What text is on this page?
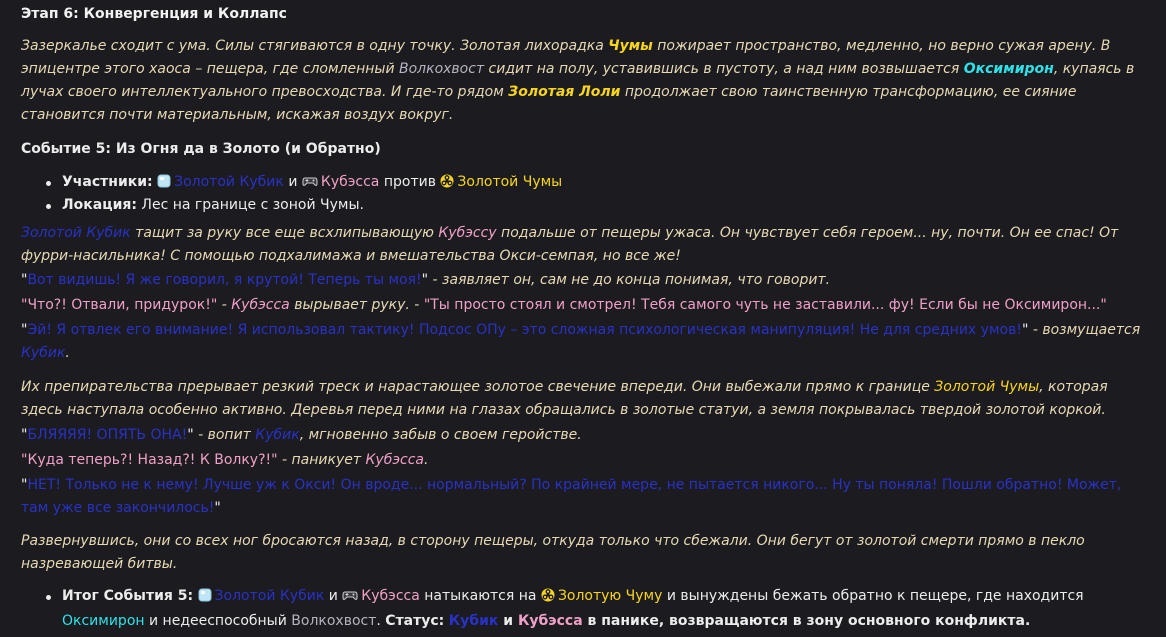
Этап 6: Конвергенция и Коллапс

Зазеркалье сходит с ума. Силы стягиваются в одну точку. Золотая лихорадка Чумы пожирает пространство, медленно, но верно сужая арену. В эпицентре этого хаоса – пещера, где сломленный Волкохвост сидит на полу, уставившись в пустоту, а над ним возвышается Оксимирон, купаясь в лучах своего интеллектуального превосходства. И где-то рядом Золотая Лоли продолжает свою таинственную трансформацию, ее сияние становится почти материальным, искажая воздух вокруг.

Событие 5: Из Огня да в Золото (и Обратно)

Участники: Золотой Кубик и Кубэсса против Золотой Чумы
Локация: Лес на границе с зоной Чумы.

Золотой Кубик тащит за руку все еще всхлипывающую Кубэссу подальше от пещеры ужаса. Он чувствует себя героем... ну, почти. Он ее спас! От фурри-насильника! С помощью подхалимажа и вмешательства Окси-семпая, но все же!

"Вот видишь! Я же говорил, я крутой! Теперь ты моя!" - заявляет он, сам не до конца понимая, что говорит.

"Что?! Отвали, придурок!" - Кубэсса вырывает руку. - "Ты просто стоял и смотрел! Тебя самого чуть не заставили... фу! Если бы не Оксимирон..."

"Эй! Я отвлек его внимание! Я использовал тактику! Подсос ОПу – это сложная психологическая манипуляция! Не для средних умов!" - возмущается Кубик.

Их препирательства прерывает резкий треск и нарастающее золотое свечение впереди. Они выбежали прямо к границе Золотой Чумы, которая здесь наступала особенно активно. Деревья перед ними на глазах обращались в золотые статуи, а земля покрывалась твердой золотой коркой.

"БЛЯЯЯЯ! ОПЯТЬ ОНА!" - вопит Кубик, мгновенно забыв о своем геройстве.

"Куда теперь?! Назад?! К Волку?!" - паникует Кубэсса.

"НЕТ! Только не к нему! Лучше уж к Окси! Он вроде... нормальный? По крайней мере, не пытается никого... Ну ты поняла! Пошли обратно! Может, там уже все закончилось!"

Развернувшись, они со всех ног бросаются назад, в сторону пещеры, откуда только что сбежали. Они бегут от золотой смерти прямо в пекло назревающей битвы.

Итог События 5: Золотой Кубик и Кубэсса натыкаются на Золотую Чуму и вынуждены бежать обратно к пещере, где находится Оксимирон и недееспособный Волкохвост. Статус: Кубик и Кубэсса в панике, возвращаются в зону основного конфликта.
